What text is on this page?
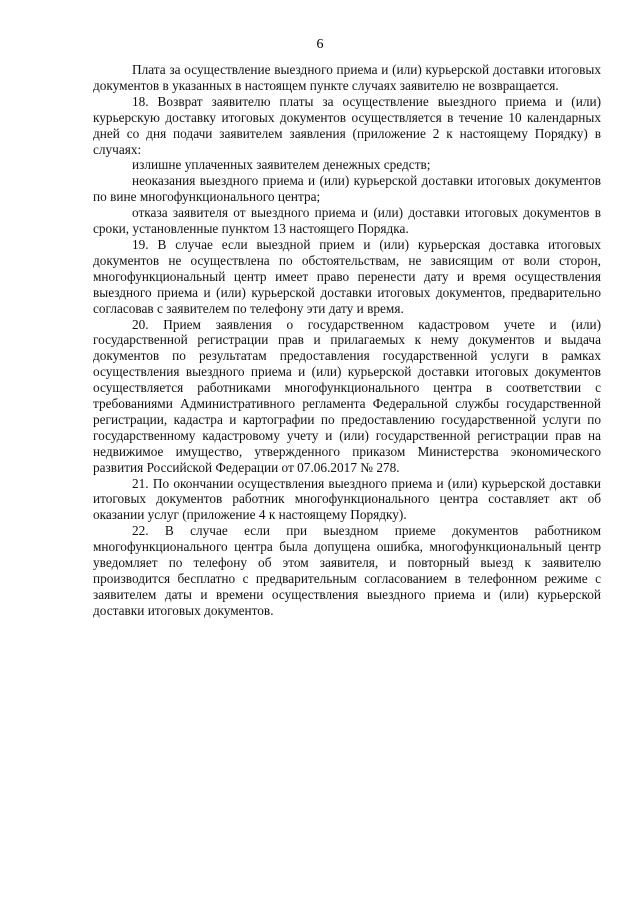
6

Плата за осуществление выездного приема и (или) курьерской доставки итоговых документов в указанных в настоящем пункте случаях заявителю не возвращается.

18. Возврат заявителю платы за осуществление выездного приема и (или) курьерскую доставку итоговых документов осуществляется в течение 10 календарных дней со дня подачи заявителем заявления (приложение 2 к настоящему Порядку) в случаях:

излишне уплаченных заявителем денежных средств;

неоказания выездного приема и (или) курьерской доставки итоговых документов по вине многофункционального центра;

отказа заявителя от выездного приема и (или) доставки итоговых документов в сроки, установленные пунктом 13 настоящего Порядка.

19. В случае если выездной прием и (или) курьерская доставка итоговых документов не осуществлена по обстоятельствам, не зависящим от воли сторон, многофункциональный центр имеет право перенести дату и время осуществления выездного приема и (или) курьерской доставки итоговых документов, предварительно согласовав с заявителем по телефону эти дату и время.

20. Прием заявления о государственном кадастровом учете и (или) государственной регистрации прав и прилагаемых к нему документов и выдача документов по результатам предоставления государственной услуги в рамках осуществления выездного приема и (или) курьерской доставки итоговых документов осуществляется работниками многофункционального центра в соответствии с требованиями Административного регламента Федеральной службы государственной регистрации, кадастра и картографии по предоставлению государственной услуги по государственному кадастровому учету и (или) государственной регистрации прав на недвижимое имущество, утвержденного приказом Министерства экономического развития Российской Федерации от 07.06.2017 № 278.

21. По окончании осуществления выездного приема и (или) курьерской доставки итоговых документов работник многофункционального центра составляет акт об оказании услуг (приложение 4 к настоящему Порядку).

22. В случае если при выездном приеме документов работником многофункционального центра была допущена ошибка, многофункциональный центр уведомляет по телефону об этом заявителя, и повторный выезд к заявителю производится бесплатно с предварительным согласованием в телефонном режиме с заявителем даты и времени осуществления выездного приема и (или) курьерской доставки итоговых документов.
